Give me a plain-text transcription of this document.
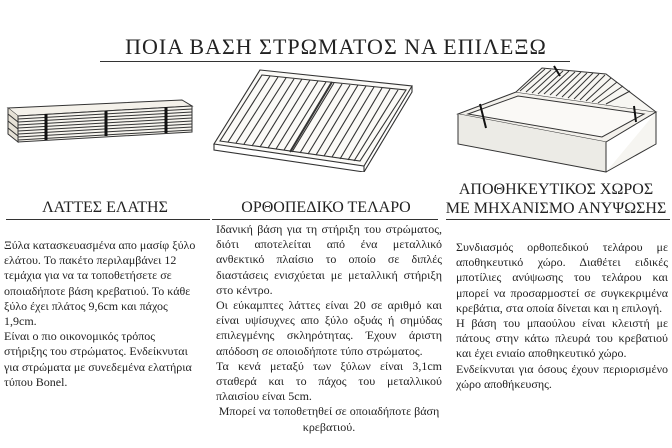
ΠΟΙΑ ΒΑΣΗ ΣΤΡΩΜΑΤΟΣ ΝΑ ΕΠΙΛΕΞΩ
ΛΑΤΤΕΣ ΕΛΑΤΗΣ	ΟΡΘΟΠΕΔΙΚΟ ΤΕΛΑΡΟ
ΑΠΟΘΗΚΕΥΤΙΚΟΣ ΧΩΡΟΣ
ΜΕ ΜΗΧΑΝΙΣΜΟ ΑΝΥΨΩΣΗΣ
Ξύλα κατασκευασμένα απο μασίφ ξύλο ελάτου. Το πακέτο περιλαμβάνει 12 τεμάχια για να τα τοποθετήσετε σε οποιαδήποτε βάση κρεβατιού. Το κάθε ξύλο έχει πλάτος 9,6cm και πάχος 1,9cm.
Είναι ο πιο οικονομικός τρόπος στήριξης του στρώματος. Ενδείκνυται για στρώματα με συνεδεμένα ελατήρια τύπου Bonel.
Ιδανική βάση για τη στήριξη του στρώματος, διότι αποτελείται από ένα μεταλλικό ανθεκτικό πλαίσιο το οποίο σε διπλές διαστάσεις ενισχύεται με μεταλλική στήριξη στο κέντρο.
Οι εύκαμπτες λάττες είναι 20 σε αριθμό και είναι υψίσυχνες απο ξύλο οξυάς ή σημύδας επιλεγμένης σκληρότητας. Έχουν άριστη απόδοση σε οποιοδήποτε τύπο στρώματος.
Τα κενά μεταξύ των ξύλων είναι 3,1cm σταθερά και το πάχος του μεταλλικού πλαισίου είναι 5cm.
Μπορεί να τοποθετηθεί σε οποιαδήποτε βάση κρεβατιού.
Συνδιασμός ορθοπεδικού τελάρου με αποθηκευτικό χώρο. Διαθέτει ειδικές μπoτίλιες ανύψωσης του τελάρου και μπορεί να προσαρμοστεί σε συγκεκριμένα κρεβάτια, στα οποία δίνεται και η επιλογή.
Η βάση του μπαούλου είναι κλειστή με πάτους στην κάτω πλευρά του κρεβατιού και έχει ενιαίο αποθηκευτικό χώρο.
Ενδείκνυται για όσους έχουν περιορισμένο χώρο αποθήκευσης.
